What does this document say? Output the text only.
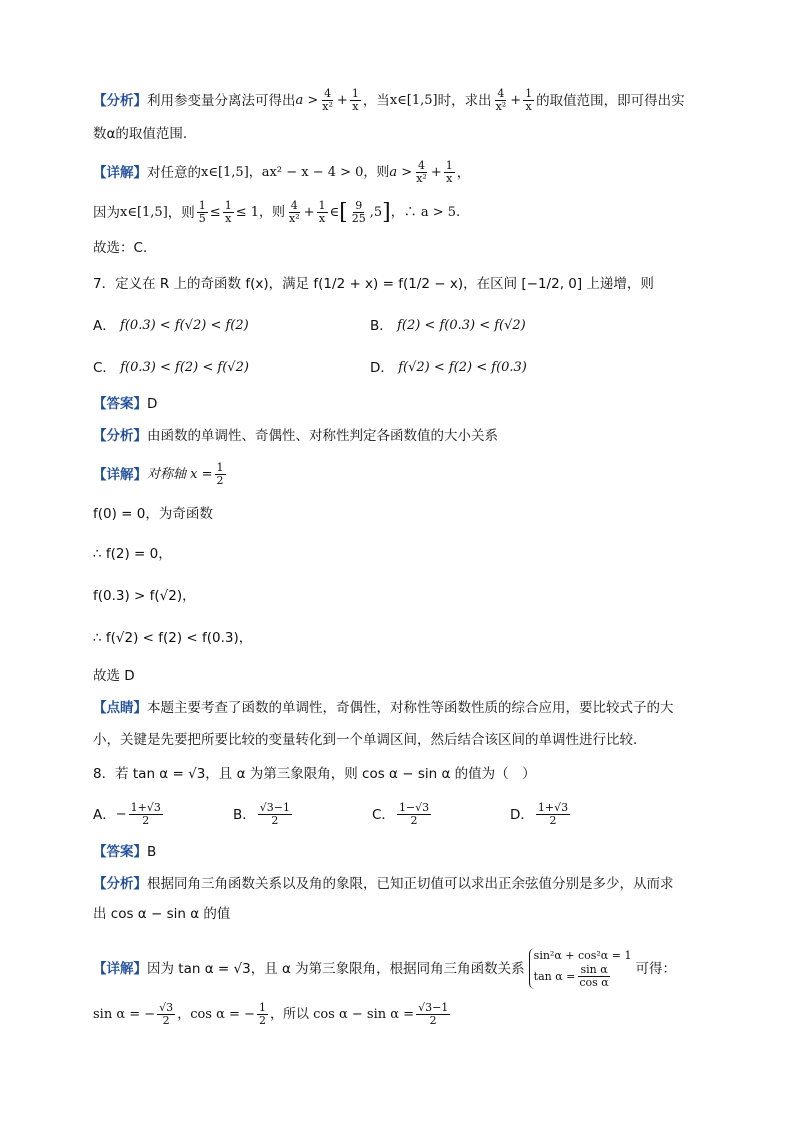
【分析】 利用参变量分离法可得出 $a > \frac{4}{\text{x²}} + \frac{1}{x}$ ，当 x∈[1,5] 时，求出 $\frac{4}{\text{x²}} + \frac{1}{x}$ 的取值范围，即可得出实
数α的取值范围.
【详解】 对任意的 x∈[1,5] ，ax² − x − 4 > 0，则 $a > \frac{4}{\text{x²}} + \frac{1}{x}$ ，
因为 x∈[1,5] ，则 $\frac{1}{5} \le \frac{1}{x} \le 1$，则 $\frac{4}{\text{x²}} + \frac{1}{x}$ ∈ [ $\frac{9}{25} ,5$ ] ，∴ a > 5.
故选：C.
7．定义在 R 上的奇函数 f(x)，满足 f(1/2 + x) = f(1/2 − x)，在区间 [−1/2, 0] 上递增，则
A．
f(0.3) < f(√2) < f(2)	B．
f(2) < f(0.3) < f(√2)
C．
f(0.3) < f(2) < f(√2)	D．
f(√2) < f(2) < f(0.3)
【答案】 D
【分析】 由函数的单调性、奇偶性、对称性判定各函数值的大小关系
【详解】 对称轴 $x = \frac{1}{2}$
f(0) = 0，为奇函数
∴ f(2) = 0，
f(0.3) > f(√2)，
∴ f(√2) < f(2) < f(0.3)，
故选 D
【点睛】 本题主要考查了函数的单调性，奇偶性，对称性等函数性质的综合应用，要比较式子的大
小，关键是先要把所要比较的变量转化到一个单调区间，然后结合该区间的单调性进行比较.
8．若 tan α = √3，且 α 为第三象限角，则 cos α − sin α 的值为（　）
A． − $\frac{1+√3}{2}$	B． $\frac{√3-1}{2}$	C． $\frac{1-√3}{2}$	D． $\frac{1+√3}{2}$
【答案】 B
【分析】 根据同角三角函数关系以及角的象限，已知正切值可以求出正余弦值分别是多少，从而求
出 cos α − sin α 的值
【详解】 因为 tan α = √3，且 α 为第三象限角，根据同角三角函数关系
sin²α + cos²α = 1
$\tan \alpha = \frac{\text{sin α}}{\text{cos α}}$ 可得：
sin α = − $\frac{√3}{2}$ ，cos α = − $\frac{1}{2}$ ，所以 $\cos \alpha - \sin \alpha = \frac{√3-1}{2}$
